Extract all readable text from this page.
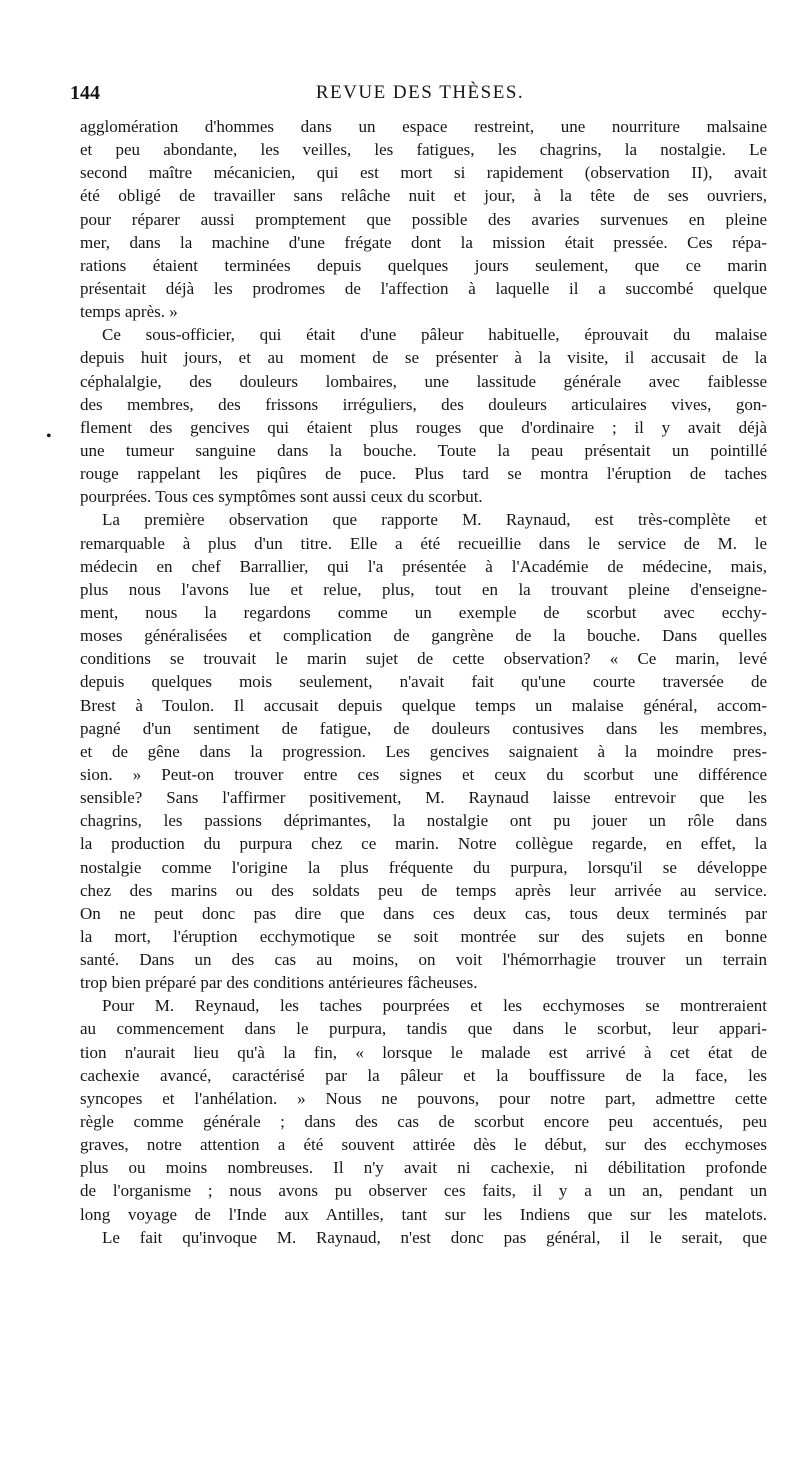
144	REVUE DES THÈSES.
•
agglomération d'hommes dans un espace restreint, une nourriture malsaine
et peu abondante, les veilles, les fatigues, les chagrins, la nostalgie. Le
second maître mécanicien, qui est mort si rapidement (observation II), avait
été obligé de travailler sans relâche nuit et jour, à la tête de ses ouvriers,
pour réparer aussi promptement que possible des avaries survenues en pleine
mer, dans la machine d'une frégate dont la mission était pressée. Ces répa-
rations étaient terminées depuis quelques jours seulement, que ce marin
présentait déjà les prodromes de l'affection à laquelle il a succombé quelque
temps après. »
Ce sous-officier, qui était d'une pâleur habituelle, éprouvait du malaise
depuis huit jours, et au moment de se présenter à la visite, il accusait de la
céphalalgie, des douleurs lombaires, une lassitude générale avec faiblesse
des membres, des frissons irréguliers, des douleurs articulaires vives, gon-
flement des gencives qui étaient plus rouges que d'ordinaire ; il y avait déjà
une tumeur sanguine dans la bouche. Toute la peau présentait un pointillé
rouge rappelant les piqûres de puce. Plus tard se montra l'éruption de taches
pourprées. Tous ces symptômes sont aussi ceux du scorbut.
La première observation que rapporte M. Raynaud, est très-complète et
remarquable à plus d'un titre. Elle a été recueillie dans le service de M. le
médecin en chef Barrallier, qui l'a présentée à l'Académie de médecine, mais,
plus nous l'avons lue et relue, plus, tout en la trouvant pleine d'enseigne-
ment, nous la regardons comme un exemple de scorbut avec ecchy-
moses généralisées et complication de gangrène de la bouche. Dans quelles
conditions se trouvait le marin sujet de cette observation? « Ce marin, levé
depuis quelques mois seulement, n'avait fait qu'une courte traversée de
Brest à Toulon. Il accusait depuis quelque temps un malaise général, accom-
pagné d'un sentiment de fatigue, de douleurs contusives dans les membres,
et de gêne dans la progression. Les gencives saignaient à la moindre pres-
sion. » Peut-on trouver entre ces signes et ceux du scorbut une différence
sensible? Sans l'affirmer positivement, M. Raynaud laisse entrevoir que les
chagrins, les passions déprimantes, la nostalgie ont pu jouer un rôle dans
la production du purpura chez ce marin. Notre collègue regarde, en effet, la
nostalgie comme l'origine la plus fréquente du purpura, lorsqu'il se développe
chez des marins ou des soldats peu de temps après leur arrivée au service.
On ne peut donc pas dire que dans ces deux cas, tous deux terminés par
la mort, l'éruption ecchymotique se soit montrée sur des sujets en bonne
santé. Dans un des cas au moins, on voit l'hémorrhagie trouver un terrain
trop bien préparé par des conditions antérieures fâcheuses.
Pour M. Reynaud, les taches pourprées et les ecchymoses se montreraient
au commencement dans le purpura, tandis que dans le scorbut, leur appari-
tion n'aurait lieu qu'à la fin, « lorsque le malade est arrivé à cet état de
cachexie avancé, caractérisé par la pâleur et la bouffissure de la face, les
syncopes et l'anhélation. » Nous ne pouvons, pour notre part, admettre cette
règle comme générale ; dans des cas de scorbut encore peu accentués, peu
graves, notre attention a été souvent attirée dès le début, sur des ecchymoses
plus ou moins nombreuses. Il n'y avait ni cachexie, ni débilitation profonde
de l'organisme ; nous avons pu observer ces faits, il y a un an, pendant un
long voyage de l'Inde aux Antilles, tant sur les Indiens que sur les matelots.
Le fait qu'invoque M. Raynaud, n'est donc pas général, il le serait, que
